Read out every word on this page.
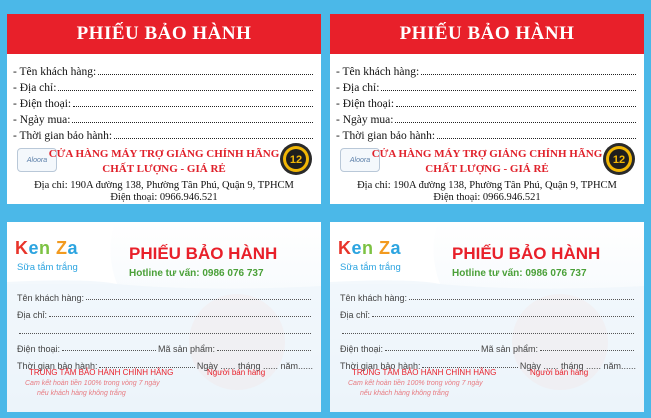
PHIẾU BẢO HÀNH
- Tên khách hàng:
- Địa chỉ:
- Điện thoại:
- Ngày mua:
- Thời gian bảo hành:
Aloora CỬA HÀNG MÁY TRỢ GIẢNG CHÍNH HÃNG
CHẤT LƯỢNG - GIÁ RẺ
12
Địa chỉ: 190A đường 138, Phường Tân Phú, Quận 9, TPHCM
Điện thoại: 0966.946.521
PHIẾU BẢO HÀNH
- Tên khách hàng:
- Địa chỉ:
- Điện thoại:
- Ngày mua:
- Thời gian bảo hành:
Aloora CỬA HÀNG MÁY TRỢ GIẢNG CHÍNH HÃNG
CHẤT LƯỢNG - GIÁ RẺ
12
Địa chỉ: 190A đường 138, Phường Tân Phú, Quận 9, TPHCM
Điện thoại: 0966.946.521
Ken Za
Sữa tắm trắng
PHIẾU BẢO HÀNH
Hotline tư vấn: 0986 076 737
Tên khách hàng:
Địa chỉ:
Điện thoại:	Mã sản phẩm:
Thời gian bảo hành:	Ngày ......
tháng ......
năm......
TRUNG TÂM BẢO HÀNH CHÍNH HÃNG	Người bán hàng
Cam kết hoàn tiền 100% trong vòng 7 ngày
nếu khách hàng không trắng
Ken Za
Sữa tắm trắng
PHIẾU BẢO HÀNH
Hotline tư vấn: 0986 076 737
Tên khách hàng:
Địa chỉ:
Điện thoại:	Mã sản phẩm:
Thời gian bảo hành:	Ngày ......
tháng ......
năm......
TRUNG TÂM BẢO HÀNH CHÍNH HÃNG	Người bán hàng
Cam kết hoàn tiền 100% trong vòng 7 ngày
nếu khách hàng không trắng
